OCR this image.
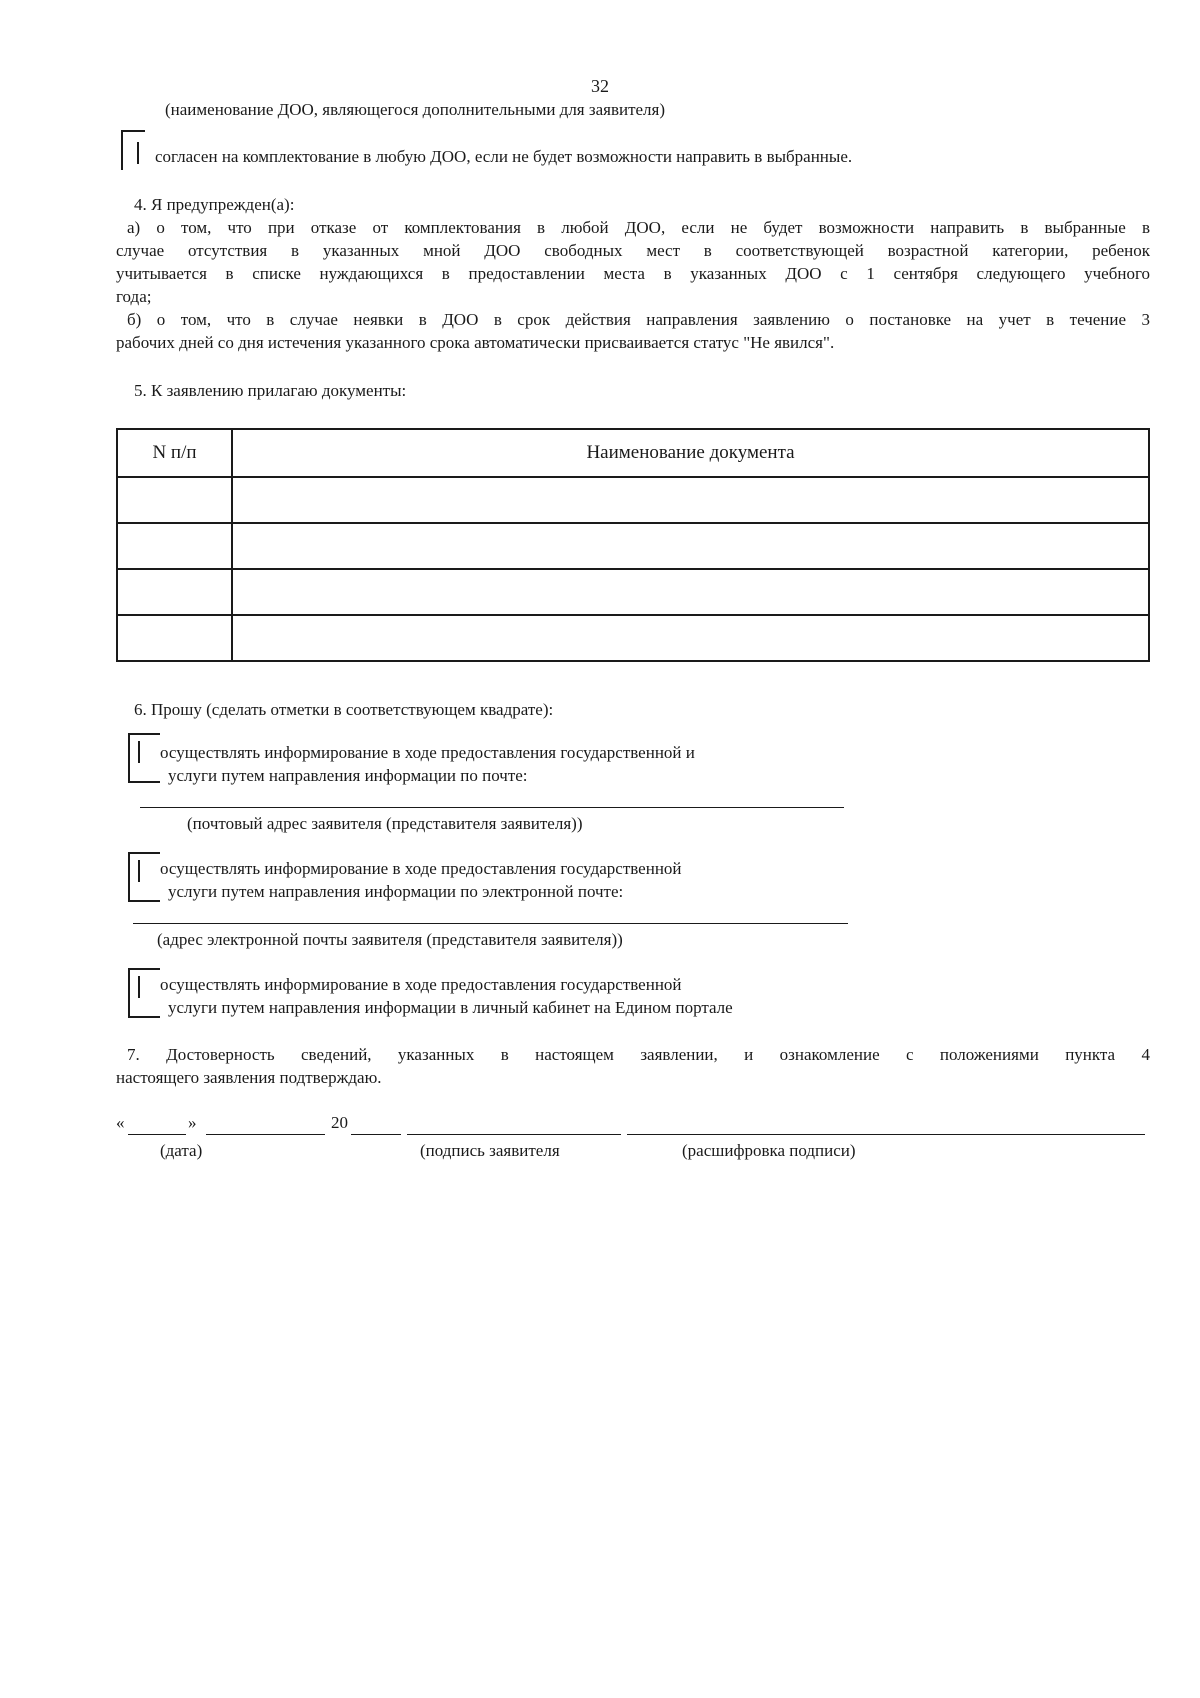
32
(наименование ДОО, являющегося дополнительными для заявителя)
согласен на комплектование в любую ДОО, если не будет возможности направить в выбранные.
4. Я предупрежден(а):
а) о том, что при отказе от комплектования в любой ДОО, если не будет возможности направить в выбранные в
случае отсутствия в указанных мной ДОО свободных мест в соответствующей возрастной категории, ребенок
учитывается в списке нуждающихся в предоставлении места в указанных ДОО с 1 сентября следующего учебного
года;
б) о том, что в случае неявки в ДОО в срок действия направления заявлению о постановке на учет в течение 3
рабочих дней со дня истечения указанного срока автоматически присваивается статус "Не явился".
5. К заявлению прилагаю документы:
N п/п	Наименование документа

6. Прошу (сделать отметки в соответствующем квадрате):
осуществлять информирование в ходе предоставления государственной и
услуги путем направления информации по почте:
(почтовый адрес заявителя (представителя заявителя))
осуществлять информирование в ходе предоставления государственной
услуги путем направления информации по электронной почте:
(адрес электронной почты заявителя (представителя заявителя))
осуществлять информирование в ходе предоставления государственной
услуги путем направления информации в личный кабинет на Едином портале
7. Достоверность сведений, указанных в настоящем заявлении, и ознакомление с положениями пункта 4
настоящего заявления подтверждаю.
«	»	20
(дата)	(подпись заявителя	(расшифровка подписи)
